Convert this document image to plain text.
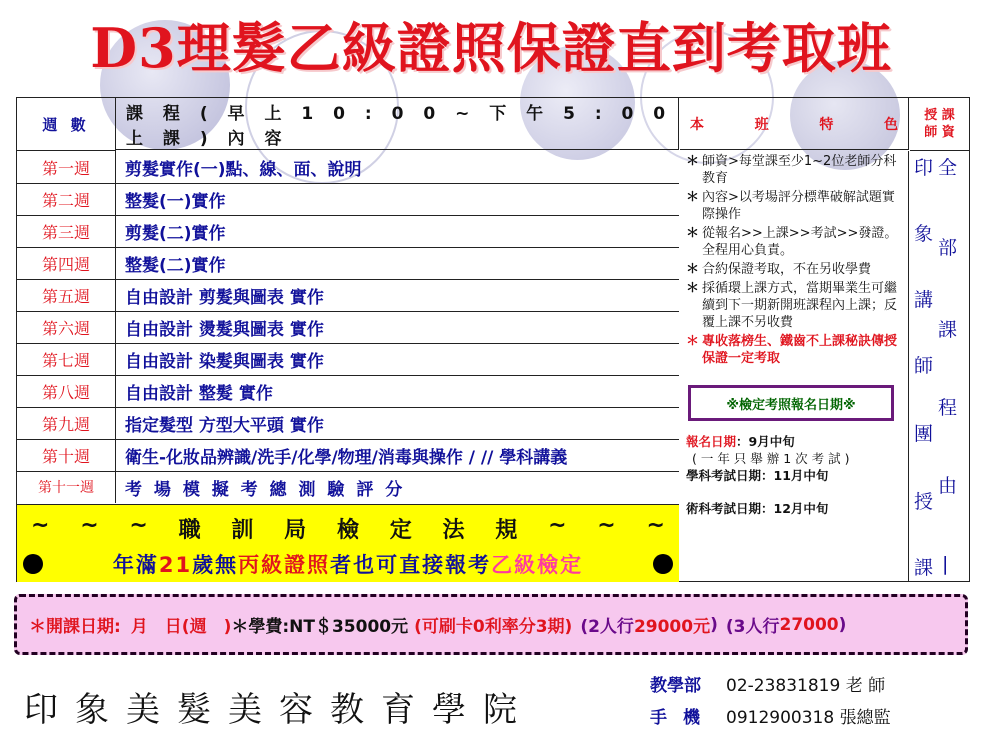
D3理髮乙級證照保證直到考取班
週 數
課 程 ( 早 上 1 0 : 0 0 ~ 下 午 5 : 0 0 上 課 ) 內 容
本	班	特	色
授 課
師 資
第一週	剪髮實作(一)點、線、面、說明
第二週	整髮(一)實作
第三週	剪髮(二)實作
第四週	整髮(二)實作
第五週	自由設計 剪髮與圖表 實作
第六週	自由設計 燙髮與圖表 實作
第七週	自由設計 染髮與圖表 實作
第八週	自由設計 整髮 實作
第九週	指定髮型 方型大平頭 實作
第十週	衛生-化妝品辨識/洗手/化學/物理/消毒與操作 / // 學科講義
第十一週	考 場 模 擬 考 總 測 驗 評 分
~ ~ ~ 職 訓 局 檢 定 法 規 ~ ~ ~
年滿21歲無丙級證照者也可直接報考乙級檢定
＊ 師資>每堂課至少1~2位老師分科教育
＊ 內容>以考場評分標準破解試題實際操作
＊ 從報名>>上課>>考試>>發證。全程用心負責。
＊ 合約保證考取，不在另收學費
＊ 採循環上課方式，當期畢業生可繼續到下一期新開班課程內上課；反覆上課不另收費
＊ 專收落榜生、鐵齒不上課秘訣傳授保證一定考取
※檢定考照報名日期※
報名日期：9月中旬
( 一 年 只 舉 辦 1 次 考 試 )
學科考試日期：11月中旬
術科考試日期：12月中旬
印
象
講
師
團
授
課
全
部
課
程
由
|
＊開課日期: 月　日(週　) ＊學費:NT＄35000元 (可刷卡0利率分3期) (2人行 29000元 ) (3人行 27000 )
印象美髮美容教育學院
教學部 02-23831819 老 師
手機 0912900318 張總監
